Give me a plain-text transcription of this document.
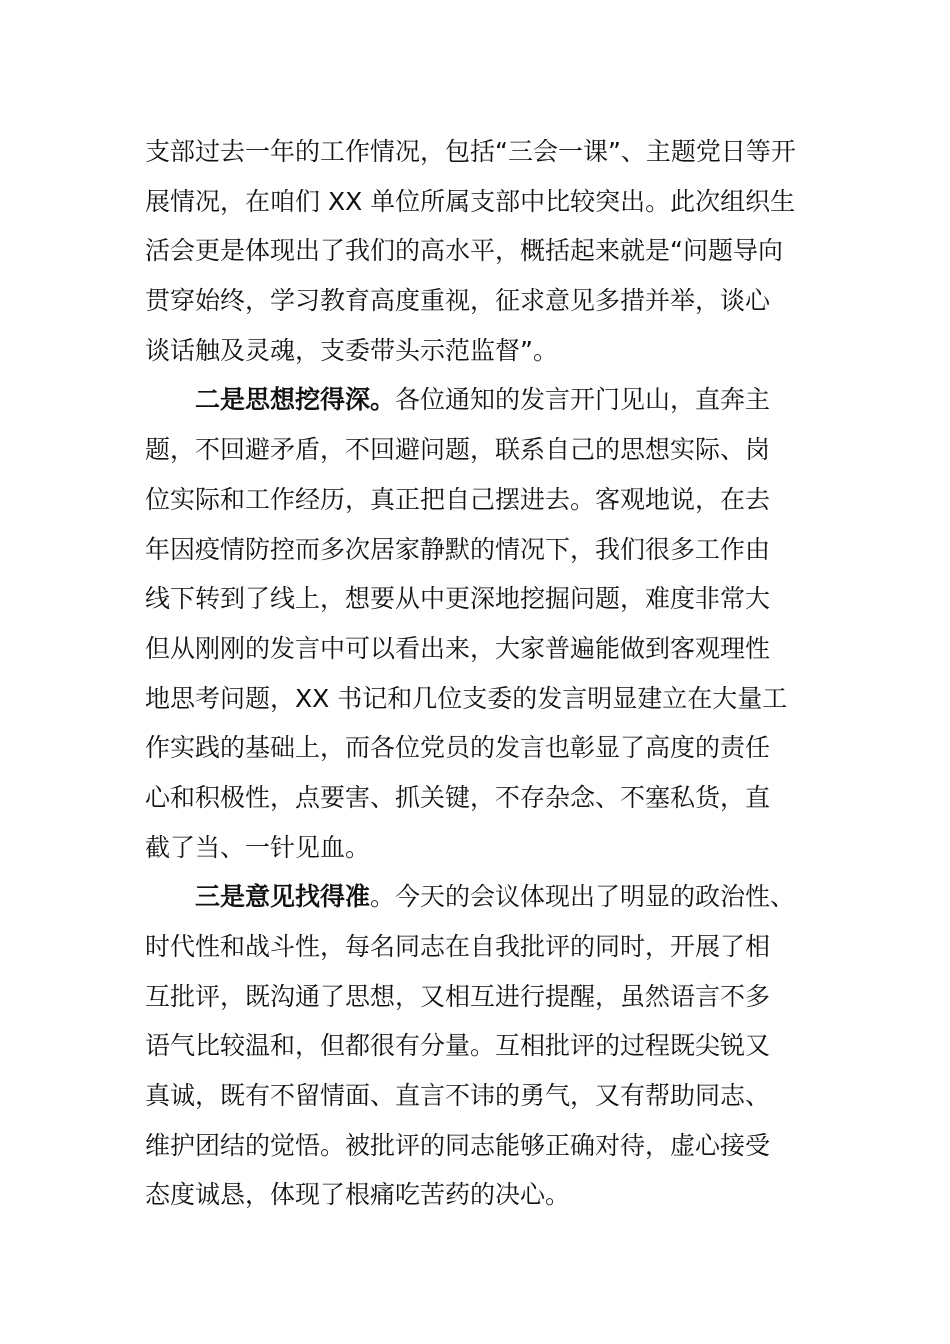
支部过去一年的工作情况，包括“三会一课”、主题党日等开
展情况，在咱们 XX 单位所属支部中比较突出。此次组织生
活会更是体现出了我们的高水平，概括起来就是“问题导向
贯穿始终，学习教育高度重视，征求意见多措并举，谈心
谈话触及灵魂，支委带头示范监督”。
二是思想挖得深。各位通知的发言开门见山，直奔主
题，不回避矛盾，不回避问题，联系自己的思想实际、岗
位实际和工作经历，真正把自己摆进去。客观地说，在去
年因疫情防控而多次居家静默的情况下，我们很多工作由
线下转到了线上，想要从中更深地挖掘问题，难度非常大
但从刚刚的发言中可以看出来，大家普遍能做到客观理性
地思考问题，XX 书记和几位支委的发言明显建立在大量工
作实践的基础上，而各位党员的发言也彰显了高度的责任
心和积极性，点要害、抓关键，不存杂念、不塞私货，直
截了当、一针见血。
三是意见找得准。今天的会议体现出了明显的政治性、
时代性和战斗性，每名同志在自我批评的同时，开展了相
互批评，既沟通了思想，又相互进行提醒，虽然语言不多
语气比较温和，但都很有分量。互相批评的过程既尖锐又
真诚，既有不留情面、直言不讳的勇气，又有帮助同志、
维护团结的觉悟。被批评的同志能够正确对待，虚心接受
态度诚恳，体现了根痛吃苦药的决心。
